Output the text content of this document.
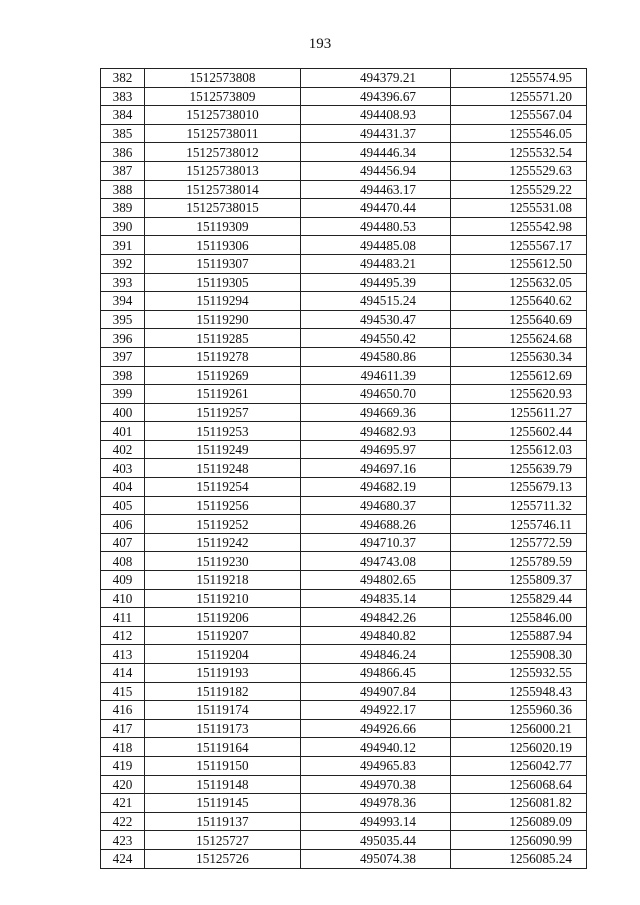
193
382	1512573808	494379.21	1255574.95
383	1512573809	494396.67	1255571.20
384	15125738010	494408.93	1255567.04
385	15125738011	494431.37	1255546.05
386	15125738012	494446.34	1255532.54
387	15125738013	494456.94	1255529.63
388	15125738014	494463.17	1255529.22
389	15125738015	494470.44	1255531.08
390	15119309	494480.53	1255542.98
391	15119306	494485.08	1255567.17
392	15119307	494483.21	1255612.50
393	15119305	494495.39	1255632.05
394	15119294	494515.24	1255640.62
395	15119290	494530.47	1255640.69
396	15119285	494550.42	1255624.68
397	15119278	494580.86	1255630.34
398	15119269	494611.39	1255612.69
399	15119261	494650.70	1255620.93
400	15119257	494669.36	1255611.27
401	15119253	494682.93	1255602.44
402	15119249	494695.97	1255612.03
403	15119248	494697.16	1255639.79
404	15119254	494682.19	1255679.13
405	15119256	494680.37	1255711.32
406	15119252	494688.26	1255746.11
407	15119242	494710.37	1255772.59
408	15119230	494743.08	1255789.59
409	15119218	494802.65	1255809.37
410	15119210	494835.14	1255829.44
411	15119206	494842.26	1255846.00
412	15119207	494840.82	1255887.94
413	15119204	494846.24	1255908.30
414	15119193	494866.45	1255932.55
415	15119182	494907.84	1255948.43
416	15119174	494922.17	1255960.36
417	15119173	494926.66	1256000.21
418	15119164	494940.12	1256020.19
419	15119150	494965.83	1256042.77
420	15119148	494970.38	1256068.64
421	15119145	494978.36	1256081.82
422	15119137	494993.14	1256089.09
423	15125727	495035.44	1256090.99
424	15125726	495074.38	1256085.24
